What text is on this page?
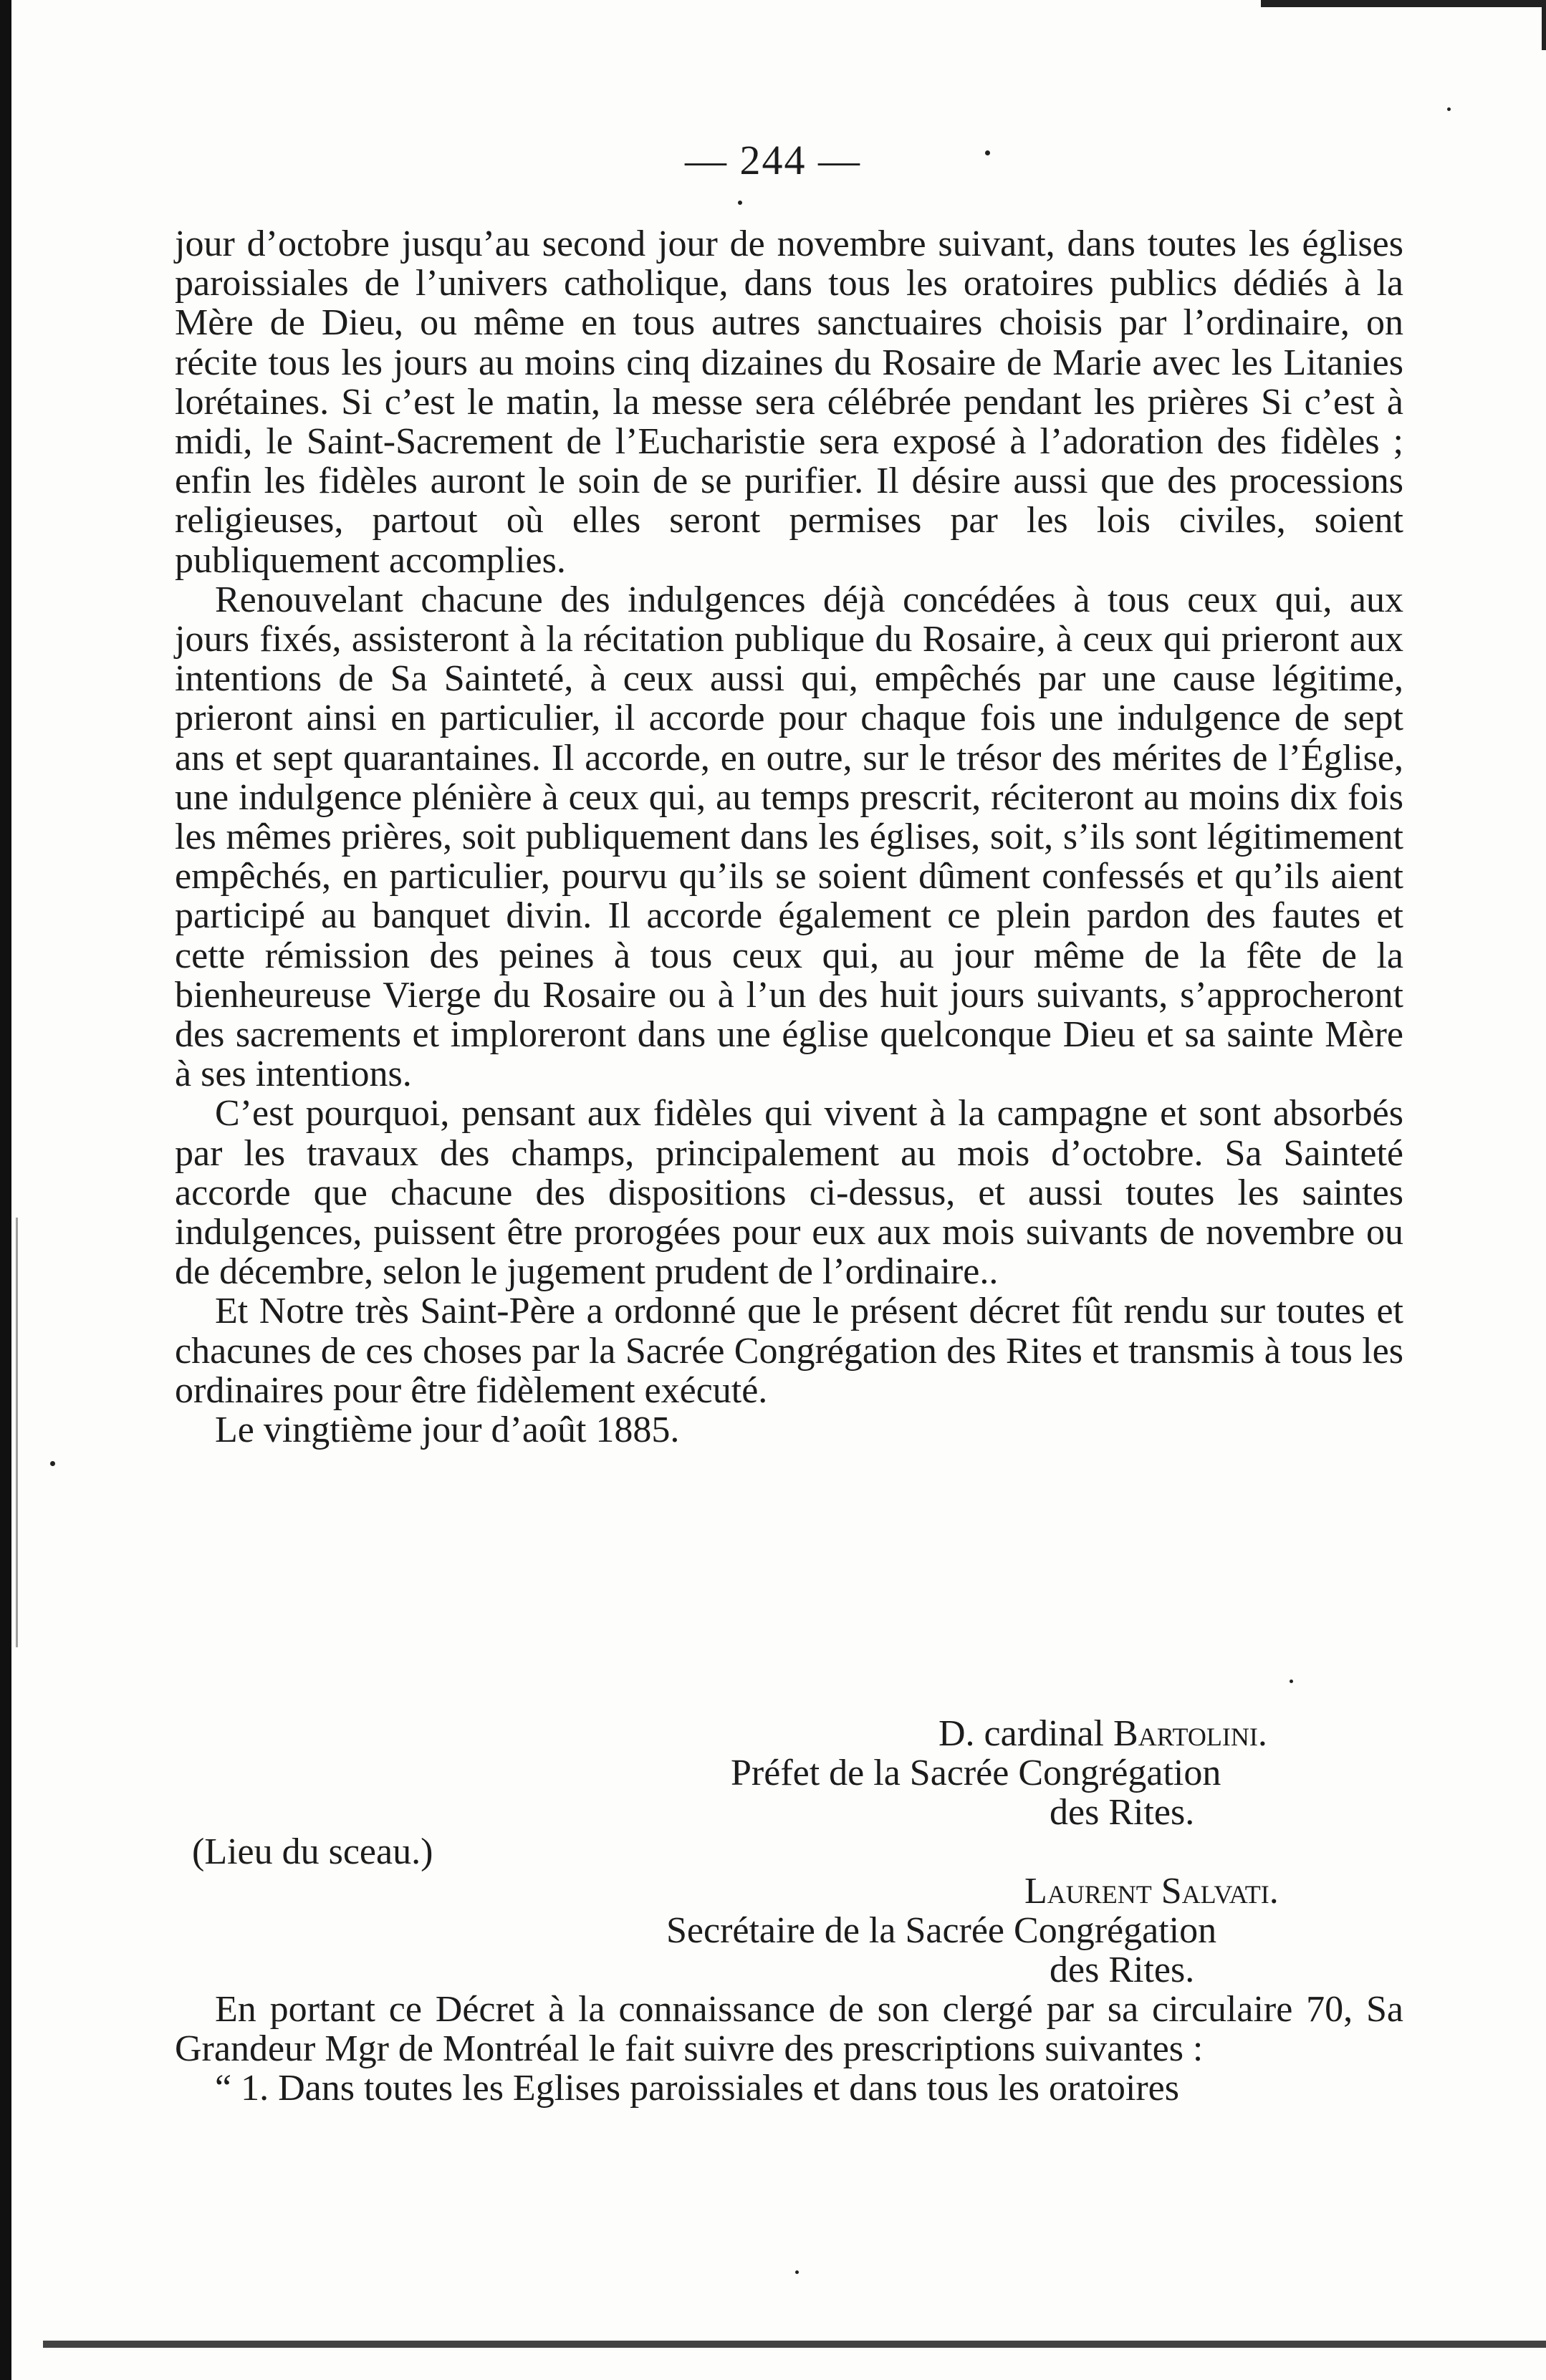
— 244 —

jour d’octobre jusqu’au second jour de novembre suivant, dans toutes les églises paroissiales de l’univers catholique, dans tous les oratoires publics dédiés à la Mère de Dieu, ou même en tous autres sanctuaires choisis par l’ordinaire, on récite tous les jours au moins cinq dizaines du Rosaire de Marie avec les Litanies lorétaines. Si c’est le matin, la messe sera célébrée pendant les prières Si c’est à midi, le Saint-Sacrement de l’Eucharistie sera exposé à l’adoration des fidèles ; enfin les fidèles auront le soin de se purifier. Il désire aussi que des processions religieuses, partout où elles seront permises par les lois civiles, soient publiquement accomplies.

Renouvelant chacune des indulgences déjà concédées à tous ceux qui, aux jours fixés, assisteront à la récitation publique du Rosaire, à ceux qui prieront aux intentions de Sa Sainteté, à ceux aussi qui, empêchés par une cause légitime, prieront ainsi en particulier, il accorde pour chaque fois une indulgence de sept ans et sept quarantaines. Il accorde, en outre, sur le trésor des mérites de l’Église, une indulgence plénière à ceux qui, au temps prescrit, réciteront au moins dix fois les mêmes prières, soit publiquement dans les églises, soit, s’ils sont légitimement empêchés, en particulier, pourvu qu’ils se soient dûment confessés et qu’ils aient participé au banquet divin. Il accorde également ce plein pardon des fautes et cette rémission des peines à tous ceux qui, au jour même de la fête de la bienheureuse Vierge du Rosaire ou à l’un des huit jours suivants, s’approcheront des sacrements et imploreront dans une église quelconque Dieu et sa sainte Mère à ses intentions.

C’est pourquoi, pensant aux fidèles qui vivent à la campagne et sont absorbés par les travaux des champs, principalement au mois d’octobre. Sa Sainteté accorde que chacune des dispositions ci-dessus, et aussi toutes les saintes indulgences, puissent être prorogées pour eux aux mois suivants de novembre ou de décembre, selon le jugement prudent de l’ordinaire..

Et Notre très Saint-Père a ordonné que le présent décret fût rendu sur toutes et chacunes de ces choses par la Sacrée Congrégation des Rites et transmis à tous les ordinaires pour être fidèlement exécuté.

Le vingtième jour d’août 1885.

D. cardinal Bartolini.
Préfet de la Sacrée Congrégation
des Rites.
(Lieu du sceau.)
Laurent Salvati.
Secrétaire de la Sacrée Congrégation
des Rites.

En portant ce Décret à la connaissance de son clergé par sa circulaire 70, Sa Grandeur Mgr de Montréal le fait suivre des prescriptions suivantes :

“ 1. Dans toutes les Eglises paroissiales et dans tous les oratoires
